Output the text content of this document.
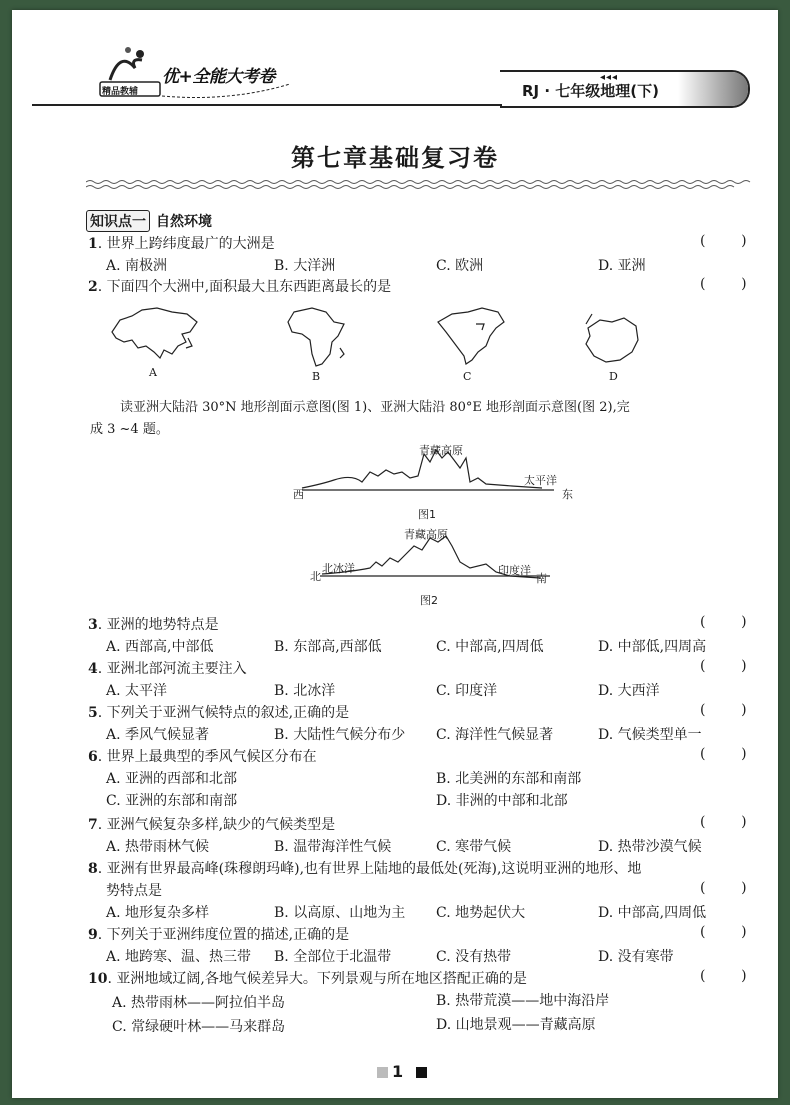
精品教辅
优+全能大考卷	◂◂◂
RJ · 七年级地理(下)
第七章基础复习卷
知识点一 自然环境
1. 世界上跨纬度最广的大洲是	(        )
A. 南极洲	B. 大洋洲	C. 欧洲	D. 亚洲
2. 下面四个大洲中,面积最大且东西距离最长的是	(        )
A	B	C	D
读亚洲大陆沿 30°N 地形剖面示意图(图 1)、亚洲大陆沿 80°E 地形剖面示意图(图 2),完
成 3 ~4 题。
青藏高原
西
太平洋
东
图1
青藏高原
北
北冰洋	印度洋
南
图2
3. 亚洲的地势特点是	(        )
A. 西部高,中部低	B. 东部高,西部低	C. 中部高,四周低	D. 中部低,四周高
4. 亚洲北部河流主要注入	(        )
A. 太平洋	B. 北冰洋	C. 印度洋	D. 大西洋
5. 下列关于亚洲气候特点的叙述,正确的是	(        )
A. 季风气候显著	B. 大陆性气候分布少 C. 海洋性气候显著	D. 气候类型单一
6. 世界上最典型的季风气候区分布在	(        )
A. 亚洲的西部和北部	B. 北美洲的东部和南部
C. 亚洲的东部和南部	D. 非洲的中部和北部
7. 亚洲气候复杂多样,缺少的气候类型是	(        )
A. 热带雨林气候	B. 温带海洋性气候	C. 寒带气候	D. 热带沙漠气候
8. 亚洲有世界最高峰(珠穆朗玛峰),也有世界上陆地的最低处(死海),这说明亚洲的地形、地
势特点是	(        )
A. 地形复杂多样	B. 以高原、山地为主 C. 地势起伏大	D. 中部高,四周低
9. 下列关于亚洲纬度位置的描述,正确的是	(        )
A. 地跨寒、温、热三带 B. 全部位于北温带	C. 没有热带	D. 没有寒带
10. 亚洲地域辽阔,各地气候差异大。下列景观与所在地区搭配正确的是	(        )
A. 热带雨林——阿拉伯半岛	B. 热带荒漠——地中海沿岸
C. 常绿硬叶林——马来群岛	D. 山地景观——青藏高原
1
